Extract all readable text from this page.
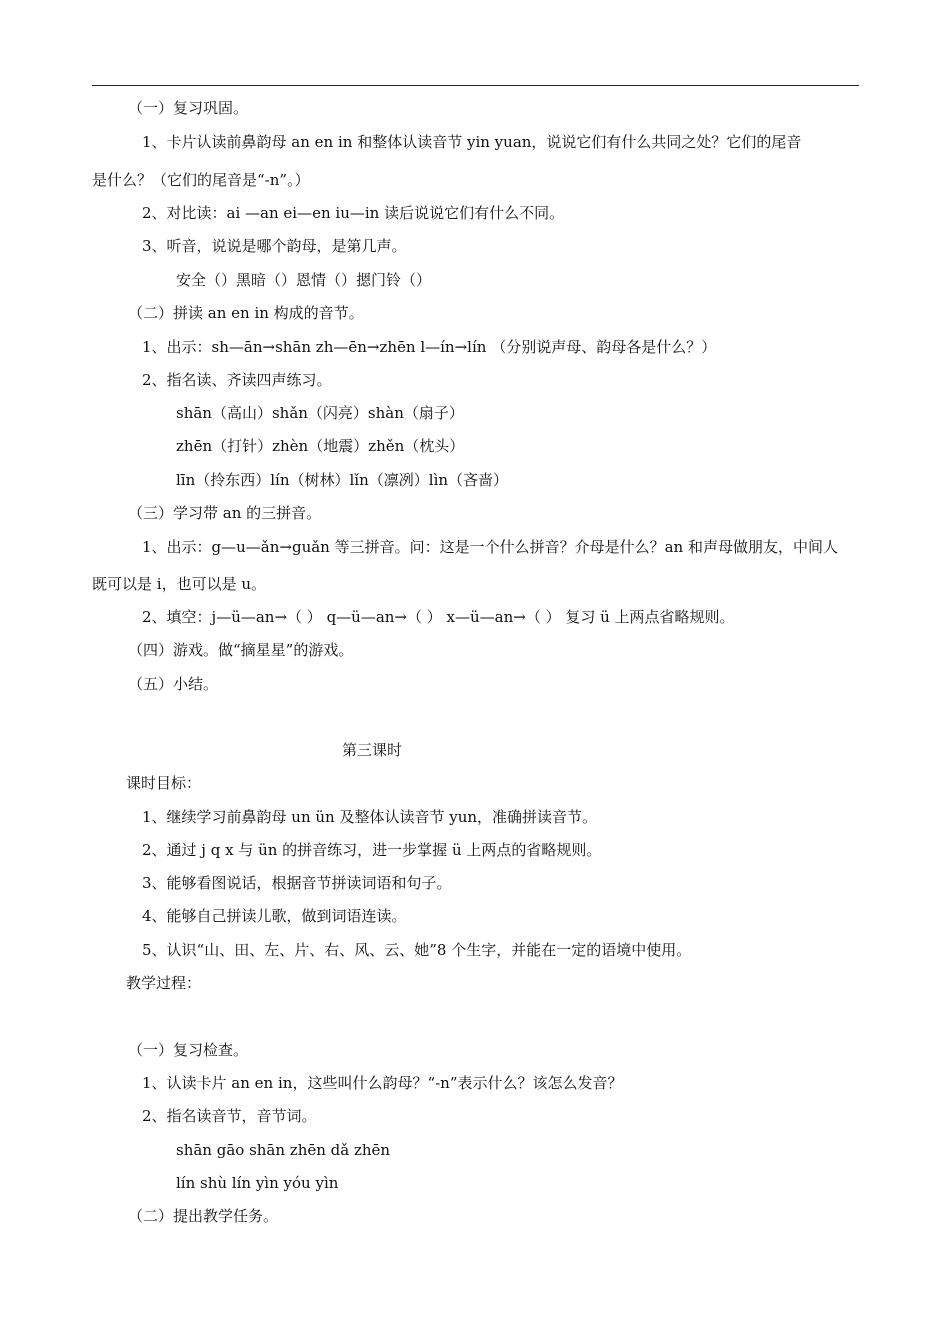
（一）复习巩固。
1、卡片认读前鼻韵母 an en in 和整体认读音节 yin yuan，说说它们有什么共同之处？它们的尾音
是什么？（它们的尾音是“-n”。）
2、对比读：ai —an ei—en iu—in 读后说说它们有什么不同。
3、听音，说说是哪个韵母，是第几声。
安全（）黑暗（）恩情（）摁门铃（）
（二）拼读 an en in 构成的音节。
1、出示：sh—ān→shān zh—ēn→zhēn l—ín→lín （分别说声母、韵母各是什么？）
2、指名读、齐读四声练习。
shān（高山）shǎn（闪亮）shàn（扇子）
zhēn（打针）zhèn（地震）zhěn（枕头）
līn（拎东西）lín（树林）lǐn（凛冽）lìn（吝啬）
（三）学习带 an 的三拼音。
1、出示：g—u—ǎn→guǎn 等三拼音。问：这是一个什么拼音？介母是什么？an 和声母做朋友，中间人
既可以是 i，也可以是 u。
2、填空：j—ü—an→（ ） q—ü—an→（ ） x—ü—an→（ ） 复习 ü 上两点省略规则。
（四）游戏。做“摘星星”的游戏。
（五）小结。
第三课时
课时目标：
1、继续学习前鼻韵母 un ün 及整体认读音节 yun，准确拼读音节。
2、通过 j q x 与 ün 的拼音练习，进一步掌握 ü 上两点的省略规则。
3、能够看图说话，根据音节拼读词语和句子。
4、能够自己拼读儿歌，做到词语连读。
5、认识“山、田、左、片、右、风、云、她”8 个生字，并能在一定的语境中使用。
教学过程：
（一）复习检查。
1、认读卡片 an en in，这些叫什么韵母？“-n”表示什么？该怎么发音？
2、指名读音节，音节词。
shān gāo shān zhēn dǎ zhēn
lín shù lín yìn yóu yìn
（二）提出教学任务。
